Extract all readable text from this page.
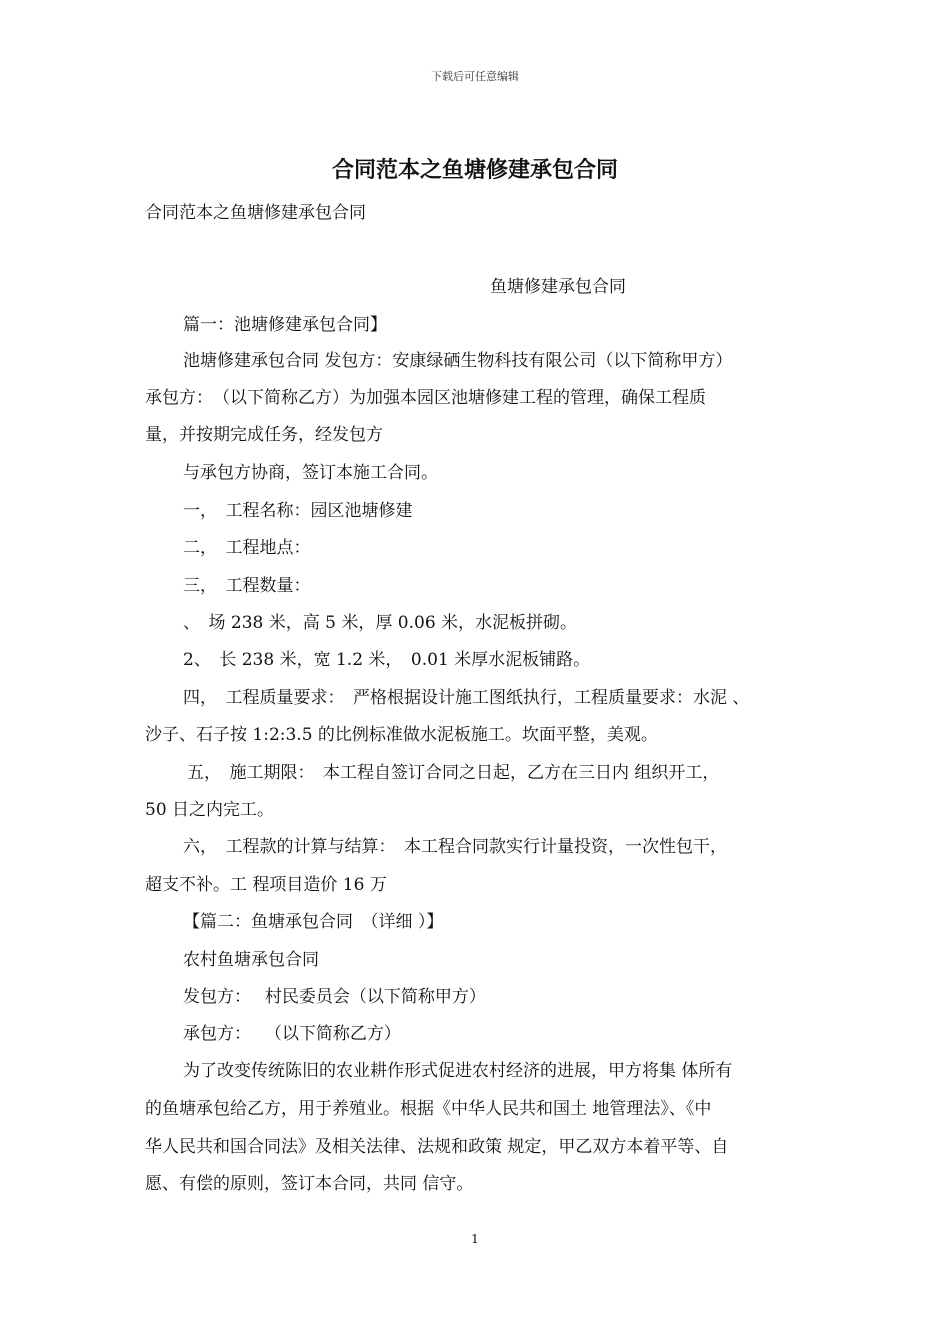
下载后可任意编辑
合同范本之鱼塘修建承包合同
合同范本之鱼塘修建承包合同
鱼塘修建承包合同
篇一：池塘修建承包合同】
池塘修建承包合同 发包方：安康绿硒生物科技有限公司（以下简称甲方）
承包方：　（以下简称乙方）为加强本园区池塘修建工程的管理，确保工程质
量，并按期完成任务，经发包方
与承包方协商，签订本施工合同。
一，　工程名称：园区池塘修建
二，　工程地点：
三，　工程数量：
、　场 238 米，高 5 米，厚 0.06 米，水泥板拼砌。
2、　长 238 米，宽 1.2 米，　0.01 米厚水泥板铺路。
四，　工程质量要求：　严格根据设计施工图纸执行，工程质量要求：水泥 、
沙子、石子按 1:2:3.5 的比例标准做水泥板施工。坎面平整，美观。
五，　施工期限：　本工程自签订合同之日起，乙方在三日内 组织开工，
50 日之内完工。
六，　工程款的计算与结算：　本工程合同款实行计量投资，一次性包干，
超支不补。工 程项目造价 16 万
【篇二：鱼塘承包合同　（详细 ）】
农村鱼塘承包合同
发包方：　 村民委员会（以下简称甲方）
承包方：　 （以下简称乙方）
为了改变传统陈旧的农业耕作形式促进农村经济的进展，甲方将集 体所有
的鱼塘承包给乙方，用于养殖业。根据《中华人民共和国土 地管理法》、《中
华人民共和国合同法》及相关法律、法规和政策 规定，甲乙双方本着平等、自
愿、有偿的原则，签订本合同，共同 信守。
1
